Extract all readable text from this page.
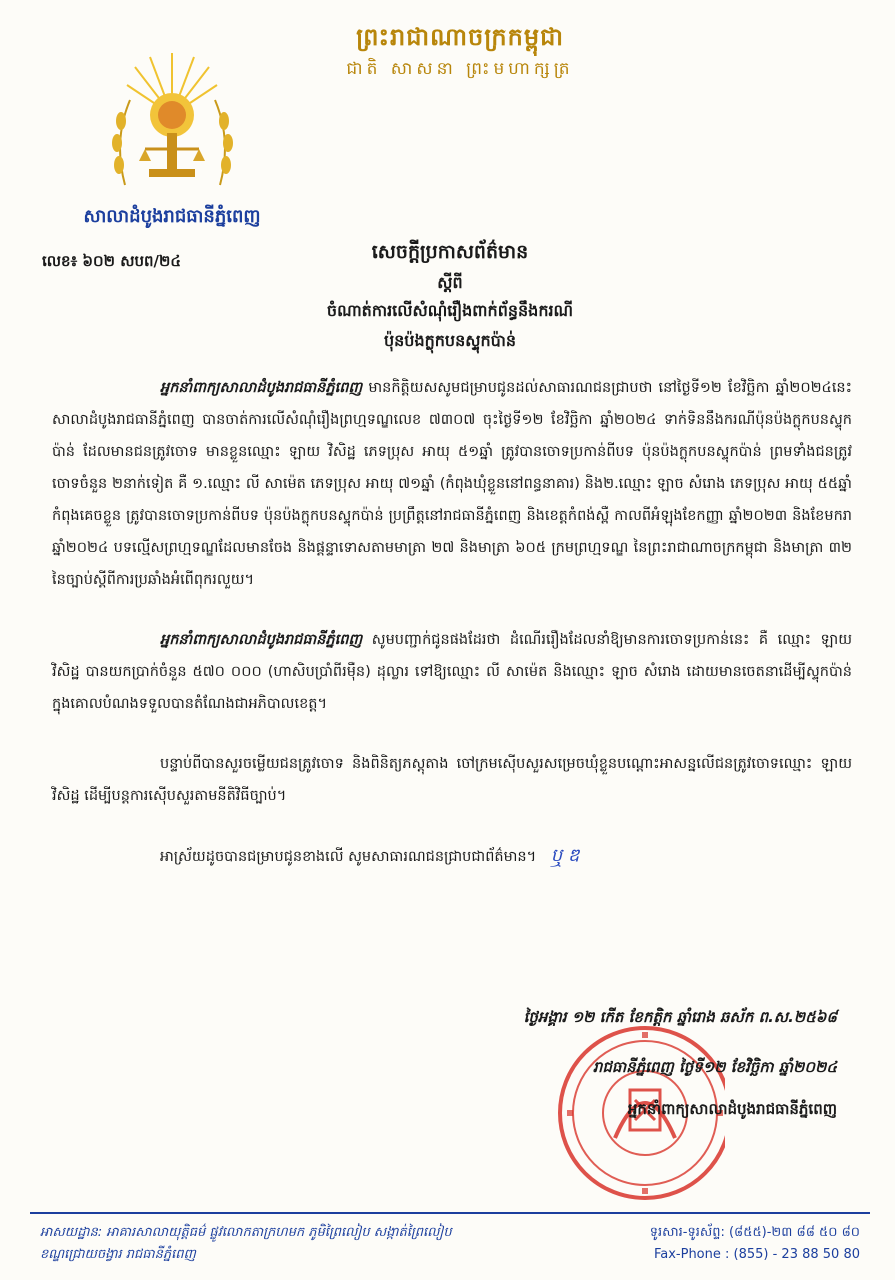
ព្រះរាជាណាចក្រកម្ពុជា
ជាតិ សាសនា ព្រះមហាក្សត្រ
សាលាដំបូងរាជធានីភ្នំពេញ
លេខ៖ ៦០២ សបព/២៤	សេចក្តីប្រកាសព័ត៌មាន
ស្តីពី
ចំណាត់ការលើសំណុំរឿងពាក់ព័ន្ធនឹងករណី
ប៉ុនប៉ងក្លុកបនស្ទុកប៉ាន់

អ្នកនាំពាក្យសាលាដំបូងរាជធានីភ្នំពេញ មានកិត្តិយសសូមជម្រាបជូនដល់សាធារណជនជ្រាបថា នៅថ្ងៃទី១២ ខែវិច្ឆិកា ឆ្នាំ២០២៤នេះ សាលាដំបូងរាជធានីភ្នំពេញ បានចាត់ការលើសំណុំរឿងព្រហ្មទណ្ឌលេខ ៧៣០៧ ចុះថ្ងៃទី១២ ខែវិច្ឆិកា ឆ្នាំ២០២៤ ទាក់ទិននឹងករណីប៉ុនប៉ងក្លុកបនស្ទុកប៉ាន់ ដែលមានជនត្រូវចោទ មានខ្លួនឈ្មោះ ឡាយ វិសិដ្ឋ ភេទប្រុស អាយុ ៥១ឆ្នាំ ត្រូវបានចោទប្រកាន់ពីបទ ប៉ុនប៉ងក្លុកបនស្ទុកប៉ាន់ ព្រមទាំងជនត្រូវចោទចំនួន ២នាក់ទៀត គឺ ១.ឈ្មោះ លី សាម៉េត ភេទប្រុស អាយុ ៧១ឆ្នាំ (កំពុងឃុំខ្លួននៅពន្ធនាគារ) និង២.ឈ្មោះ ឡាច សំរោង ភេទប្រុស អាយុ ៥៥ឆ្នាំ កំពុងគេចខ្លួន ត្រូវបានចោទប្រកាន់ពីបទ ប៉ុនប៉ងក្លុកបនស្ទុកប៉ាន់ ប្រព្រឹត្តនៅរាជធានីភ្នំពេញ និងខេត្តកំពង់ស្ពឺ កាលពីអំឡុងខែកញ្ញា ឆ្នាំ២០២៣ និងខែមករា ឆ្នាំ២០២៤ បទល្មើសព្រហ្មទណ្ឌដែលមានចែង និងផ្តន្ទាទោសតាមមាត្រា ២៧ និងមាត្រា ៦០៥ ក្រមព្រហ្មទណ្ឌ នៃព្រះរាជាណាចក្រកម្ពុជា និងមាត្រា ៣២ នៃច្បាប់ស្តីពីការប្រឆាំងអំពើពុករលួយ។

អ្នកនាំពាក្យសាលាដំបូងរាជធានីភ្នំពេញ សូមបញ្ជាក់ជូនផងដែរថា ដំណើររឿងដែលនាំឱ្យមានការចោទប្រកាន់នេះ គឺ ឈ្មោះ ឡាយ វិសិដ្ឋ បានយកប្រាក់ចំនួន ៥៧០ ០០០ (ហាសិបប្រាំពីរម៉ឺន) ដុល្លារ ទៅឱ្យឈ្មោះ លី សាម៉េត និងឈ្មោះ ឡាច សំរោង ដោយមានចេតនាដើម្បីស្ទុកប៉ាន់ក្នុងគោលបំណងទទួលបានតំណែងជាអភិបាលខេត្ត។

បន្ទាប់ពីបានសួរចម្លើយជនត្រូវចោទ និងពិនិត្យភស្តុតាង ចៅក្រមស៊ើបសួរសម្រេចឃុំខ្លួនបណ្តោះអាសន្នលើជនត្រូវចោទឈ្មោះ ឡាយ វិសិដ្ឋ ដើម្បីបន្តការស៊ើបសួរតាមនីតិវិធីច្បាប់។

អាស្រ័យដូចបានជម្រាបជូនខាងលើ សូមសាធារណជនជ្រាបជាព័ត៌មាន។ ឬ ឌ

ថ្ងៃអង្គារ ១២ កើត ខែកត្តិក ឆ្នាំរោង ឆស័ក ព.ស.២៥៦៨
រាជធានីភ្នំពេញ ថ្ងៃទី១២ ខែវិច្ឆិកា ឆ្នាំ២០២៤
អ្នកនាំពាក្យសាលាដំបូងរាជធានីភ្នំពេញ
អាសយដ្ឋាន: អាគារសាលាយុត្តិធម៌ ផ្លូវលោកតាក្រហមក ភូមិព្រៃលៀប សង្កាត់ព្រៃលៀប
ខណ្ឌជ្រោយចង្វារ រាជធានីភ្នំពេញ
ទូរសារ-ទូរស័ព្ទ: (៨៥៥)-២៣ ៨៨ ៥០ ៨០
Fax-Phone : (855) - 23 88 50 80
